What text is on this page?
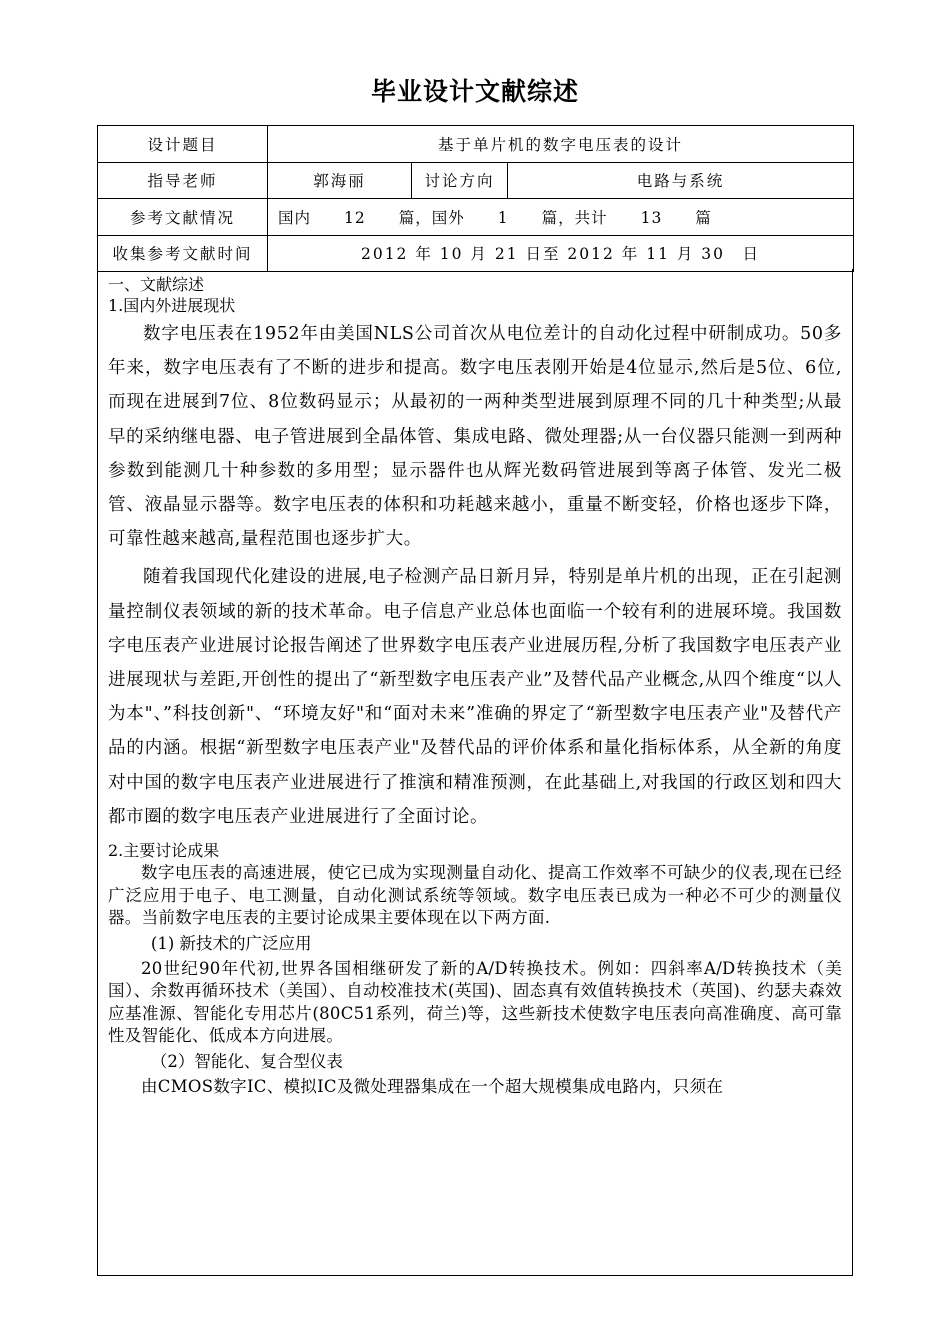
毕业设计文献综述
设计题目	基于单片机的数字电压表的设计		
指导老师	郭海丽	讨论方向	电路与系统
参考文献情况	国内　　12　　篇，国外　　1　　篇，共计　　13　　篇		
收集参考文献时间	2012 年 10 月 21 日至 2012 年 11 月 30　日		

一、文献综述

1.国内外进展现状

数字电压表在1952年由美国NLS公司首次从电位差计的自动化过程中研制成功。50多年来，数字电压表有了不断的进步和提高。数字电压表刚开始是4位显示,然后是5位、6位,而现在进展到7位、8位数码显示；从最初的一两种类型进展到原理不同的几十种类型;从最早的采纳继电器、电子管进展到全晶体管、集成电路、微处理器;从一台仪器只能测一到两种参数到能测几十种参数的多用型；显示器件也从辉光数码管进展到等离子体管、发光二极管、液晶显示器等。数字电压表的体积和功耗越来越小，重量不断变轻，价格也逐步下降，可靠性越来越高,量程范围也逐步扩大。

随着我国现代化建设的进展,电子检测产品日新月异，特别是单片机的出现，正在引起测量控制仪表领域的新的技术革命。电子信息产业总体也面临一个较有利的进展环境。我国数字电压表产业进展讨论报告阐述了世界数字电压表产业进展历程,分析了我国数字电压表产业进展现状与差距,开创性的提出了“新型数字电压表产业”及替代品产业概念,从四个维度“以人为本"、”科技创新"、“环境友好"和“面对未来”准确的界定了“新型数字电压表产业"及替代产品的内涵。根据“新型数字电压表产业"及替代品的评价体系和量化指标体系，从全新的角度对中国的数字电压表产业进展进行了推演和精准预测，在此基础上,对我国的行政区划和四大都市圈的数字电压表产业进展进行了全面讨论。

2.主要讨论成果

数字电压表的高速进展，使它已成为实现测量自动化、提高工作效率不可缺少的仪表,现在已经广泛应用于电子、电工测量，自动化测试系统等领域。数字电压表已成为一种必不可少的测量仪器。当前数字电压表的主要讨论成果主要体现在以下两方面.

(1) 新技术的广泛应用

20世纪90年代初,世界各国相继研发了新的A/D转换技术。例如：四斜率A/D转换技术（美国）、余数再循环技术（美国）、自动校准技术(英国)、固态真有效值转换技术（英国)、约瑟夫森效应基准源、智能化专用芯片(80C51系列，荷兰)等，这些新技术使数字电压表向高准确度、高可靠性及智能化、低成本方向进展。

（2）智能化、复合型仪表

由CMOS数字IC、模拟IC及微处理器集成在一个超大规模集成电路内，只须在
